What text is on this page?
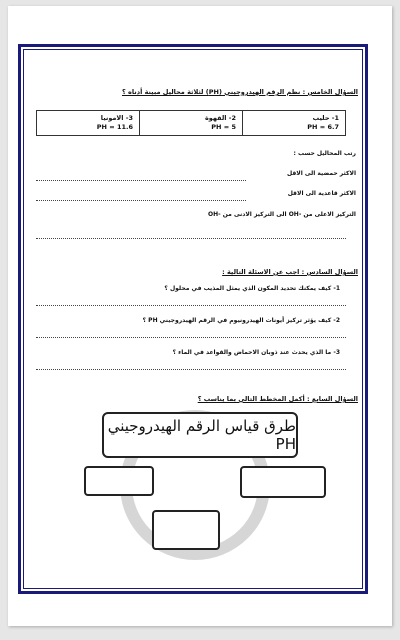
السؤال الخامس : نظم الرقم الهيدروجيني (PH) لثلاثة محاليل مبينة أدناه ؟
1- حليب
PH = 6.7

2- القهوة
PH = 5

3- الامونيا
PH = 11.6
رتب المحاليل حسب :
الاكثر حمضية الى الاقل
الاكثر قاعدية الى الاقل
التركيز الاعلى من -OH الى التركيز الادنى من -OH
السؤال السادس : اجب عن الاسئلة التالية :
1- كيف يمكنك تحديد المكون الذي يمثل المذيب في محلول ؟
2- كيف يؤثر تركيز أيونات الهيدرونيوم في الرقم الهيدروجيني PH ؟
3- ما الذي يحدث عند ذوبان الاحماض والقواعد في الماء ؟
السؤال السابع : أكمل المخطط التالي بما يناسب ؟
طرق قياس الرقم الهيدروجيني PH
